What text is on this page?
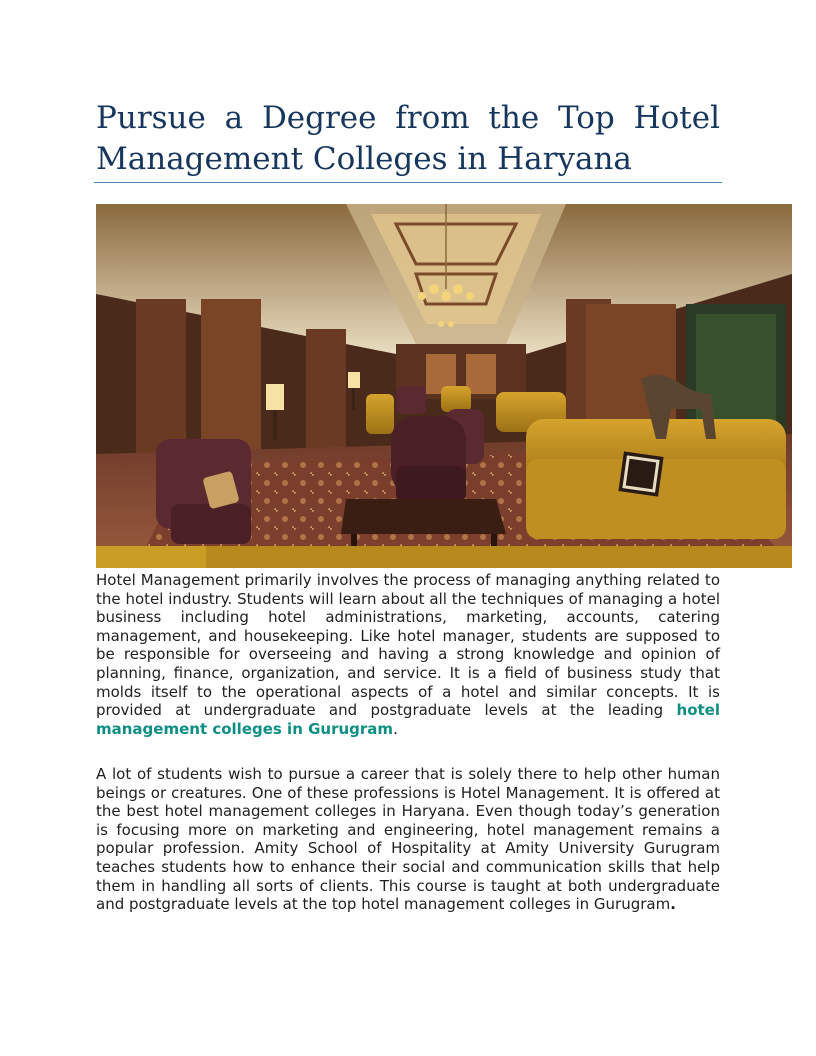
Pursue a Degree from the Top Hotel Management Colleges in Haryana

Hotel Management primarily involves the process of managing anything related to the hotel industry. Students will learn about all the techniques of managing a hotel business including hotel administrations, marketing, accounts, catering management, and housekeeping. Like hotel manager, students are supposed to be responsible for overseeing and having a strong knowledge and opinion of planning, finance, organization, and service. It is a field of business study that molds itself to the operational aspects of a hotel and similar concepts. It is provided at undergraduate and postgraduate levels at the leading hotel management colleges in Gurugram.

A lot of students wish to pursue a career that is solely there to help other human beings or creatures. One of these professions is Hotel Management. It is offered at the best hotel management colleges in Haryana. Even though today’s generation is focusing more on marketing and engineering, hotel management remains a popular profession. Amity School of Hospitality at Amity University Gurugram teaches students how to enhance their social and communication skills that help them in handling all sorts of clients. This course is taught at both undergraduate and postgraduate levels at the top hotel management colleges in Gurugram.
